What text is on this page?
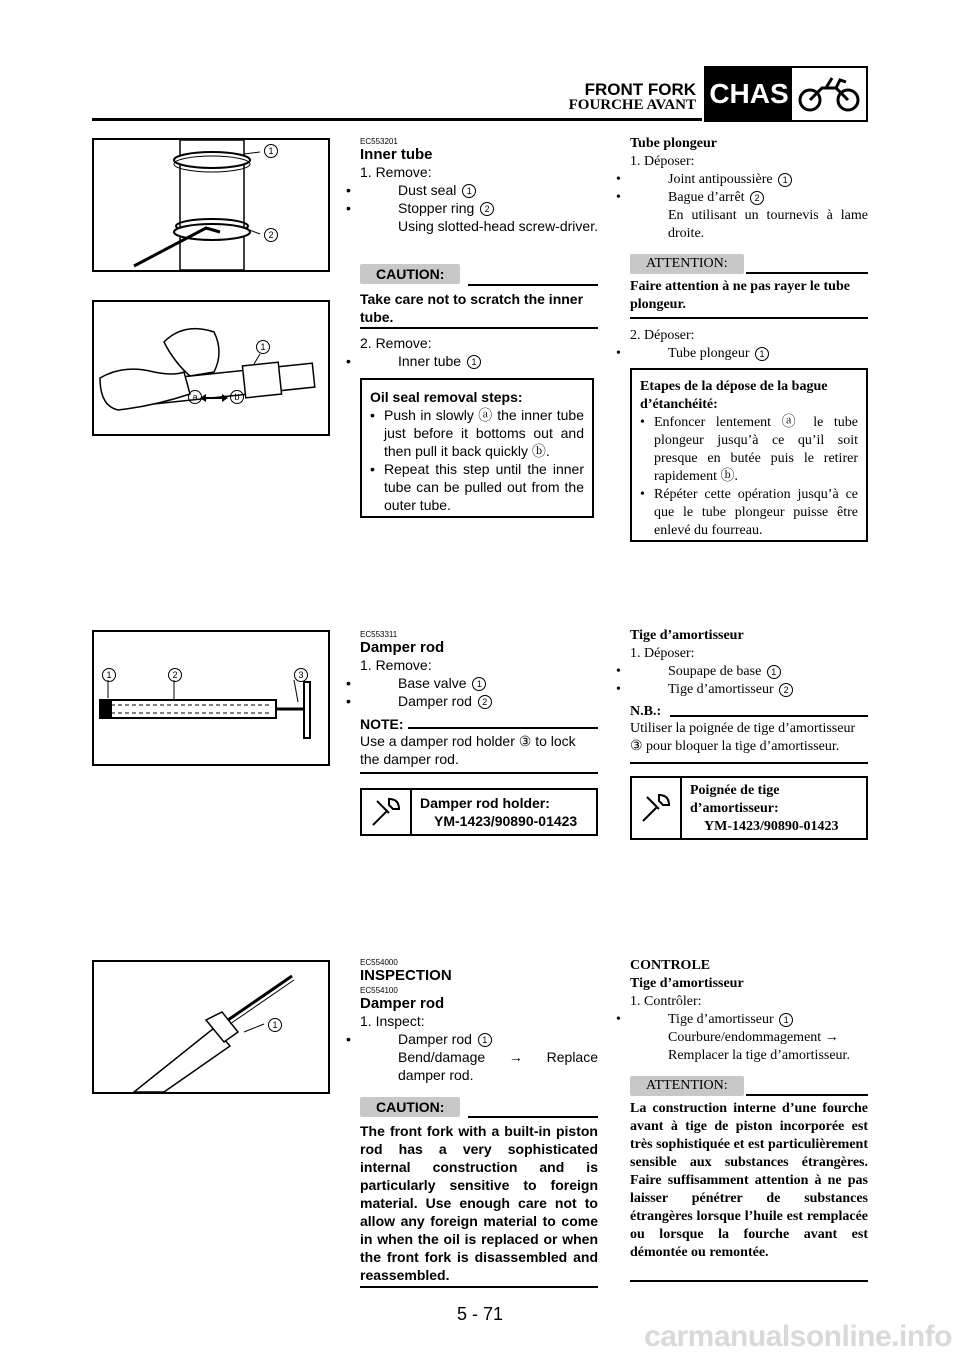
FRONT FORK
FOURCHE AVANT CHAS
1
2
1
a	b
EC553201
Inner tube
1. Remove:
• Dust seal 1
• Stopper ring 2
Using slotted-head screw-driver.
CAUTION:
Take care not to scratch the inner tube.
2. Remove:
• Inner tube 1
Oil seal removal steps:
• Push in slowly ⓐ the inner tube just before it bottoms out and then pull it back quickly ⓑ.
• Repeat this step until the inner tube can be pulled out from the outer tube.
Tube plongeur
1. Déposer:
• Joint antipoussière 1
• Bague d’arrêt 2
En utilisant un tournevis à lame droite.
ATTENTION:
Faire attention à ne pas rayer le tube plongeur.
2. Déposer:
• Tube plongeur 1
Etapes de la dépose de la bague d’étanchéité:
• Enfoncer lentement ⓐ le tube plongeur jusqu’à ce qu’il soit presque en butée puis le retirer rapidement ⓑ.
• Répéter cette opération jusqu’à ce que le tube plongeur puisse être enlevé du fourreau.
1	2	3
EC553311
Damper rod
1. Remove:
• Base valve 1
• Damper rod 2
NOTE:
Use a damper rod holder ③ to lock the damper rod.
Damper rod holder:
YM-1423/90890-01423
Tige d’amortisseur
1. Déposer:
• Soupape de base 1
• Tige d’amortisseur 2
N.B.:
Utiliser la poignée de tige d’amortisseur ③ pour bloquer la tige d’amortisseur.
Poignée de tige d’amortisseur:
YM-1423/90890-01423
1
EC554000
INSPECTION
EC554100
Damper rod
1. Inspect:
• Damper rod 1
Bend/damage → Replace damper rod.
CAUTION:
The front fork with a built-in piston rod has a very sophisticated internal construction and is particularly sensitive to foreign material. Use enough care not to allow any foreign material to come in when the oil is replaced or when the front fork is disassembled and reassembled.
CONTROLE
Tige d’amortisseur
1. Contrôler:
• Tige d’amortisseur 1
Courbure/endommagement → Remplacer la tige d’amortisseur.
ATTENTION:
La construction interne d’une fourche avant à tige de piston incorporée est très sophistiquée et est particulièrement sensible aux substances étrangères. Faire suffisamment attention à ne pas laisser pénétrer de substances étrangères lorsque l’huile est remplacée ou lorsque la fourche avant est démontée ou remontée.
5 - 71
carmanualsonline.info
